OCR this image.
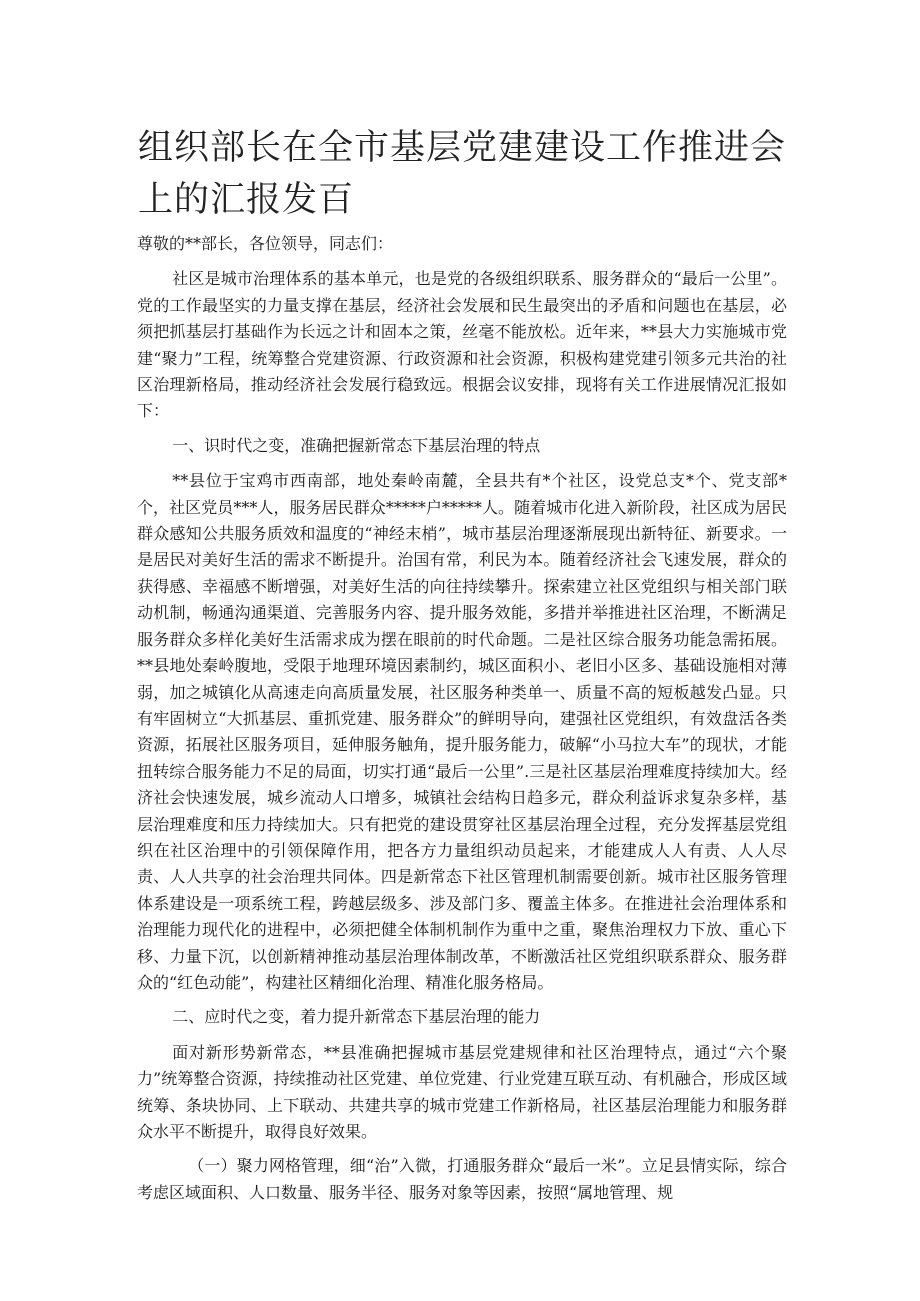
组织部长在全市基层党建建设工作推进会上的汇报发百

尊敬的**部长，各位领导，同志们：

社区是城市治理体系的基本单元，也是党的各级组织联系、服务群众的“最后一公里”。党的工作最坚实的力量支撑在基层，经济社会发展和民生最突出的矛盾和问题也在基层，必须把抓基层打基础作为长远之计和固本之策，丝毫不能放松。近年来，**县大力实施城市党建“聚力”工程，统筹整合党建资源、行政资源和社会资源，积极构建党建引领多元共治的社区治理新格局，推动经济社会发展行稳致远。根据会议安排，现将有关工作进展情况汇报如下：

一、识时代之变，准确把握新常态下基层治理的特点

**县位于宝鸡市西南部，地处秦岭南麓，全县共有*个社区，设党总支*个、党支部*个，社区党员***人，服务居民群众*****户*****人。随着城市化进入新阶段，社区成为居民群众感知公共服务质效和温度的“神经末梢”，城市基层治理逐渐展现出新特征、新要求。一是居民对美好生活的需求不断提升。治国有常，利民为本。随着经济社会飞速发展，群众的获得感、幸福感不断增强，对美好生活的向往持续攀升。探索建立社区党组织与相关部门联动机制，畅通沟通渠道、完善服务内容、提升服务效能，多措并举推进社区治理，不断满足服务群众多样化美好生活需求成为摆在眼前的时代命题。二是社区综合服务功能急需拓展。**县地处秦岭腹地，受限于地理环境因素制约，城区面积小、老旧小区多、基础设施相对薄弱，加之城镇化从高速走向高质量发展，社区服务种类单一、质量不高的短板越发凸显。只有牢固树立“大抓基层、重抓党建、服务群众”的鲜明导向，建强社区党组织，有效盘活各类资源，拓展社区服务项目，延伸服务触角，提升服务能力，破解“小马拉大车”的现状，才能扭转综合服务能力不足的局面，切实打通“最后一公里”.三是社区基层治理难度持续加大。经济社会快速发展，城乡流动人口增多，城镇社会结构日趋多元，群众利益诉求复杂多样，基层治理难度和压力持续加大。只有把党的建设贯穿社区基层治理全过程，充分发挥基层党组织在社区治理中的引领保障作用，把各方力量组织动员起来，才能建成人人有责、人人尽责、人人共享的社会治理共同体。四是新常态下社区管理机制需要创新。城市社区服务管理体系建设是一项系统工程，跨越层级多、涉及部门多、覆盖主体多。在推进社会治理体系和治理能力现代化的进程中，必须把健全体制机制作为重中之重，聚焦治理权力下放、重心下移、力量下沉，以创新精神推动基层治理体制改革，不断激活社区党组织联系群众、服务群众的“红色动能”，构建社区精细化治理、精准化服务格局。

二、应时代之变，着力提升新常态下基层治理的能力

面对新形势新常态，**县准确把握城市基层党建规律和社区治理特点，通过“六个聚力”统筹整合资源，持续推动社区党建、单位党建、行业党建互联互动、有机融合，形成区域统筹、条块协同、上下联动、共建共享的城市党建工作新格局，社区基层治理能力和服务群众水平不断提升，取得良好效果。

（一）聚力网格管理，细“治”入微，打通服务群众“最后一米”。立足县情实际，综合考虑区域面积、人口数量、服务半径、服务对象等因素，按照“属地管理、规
